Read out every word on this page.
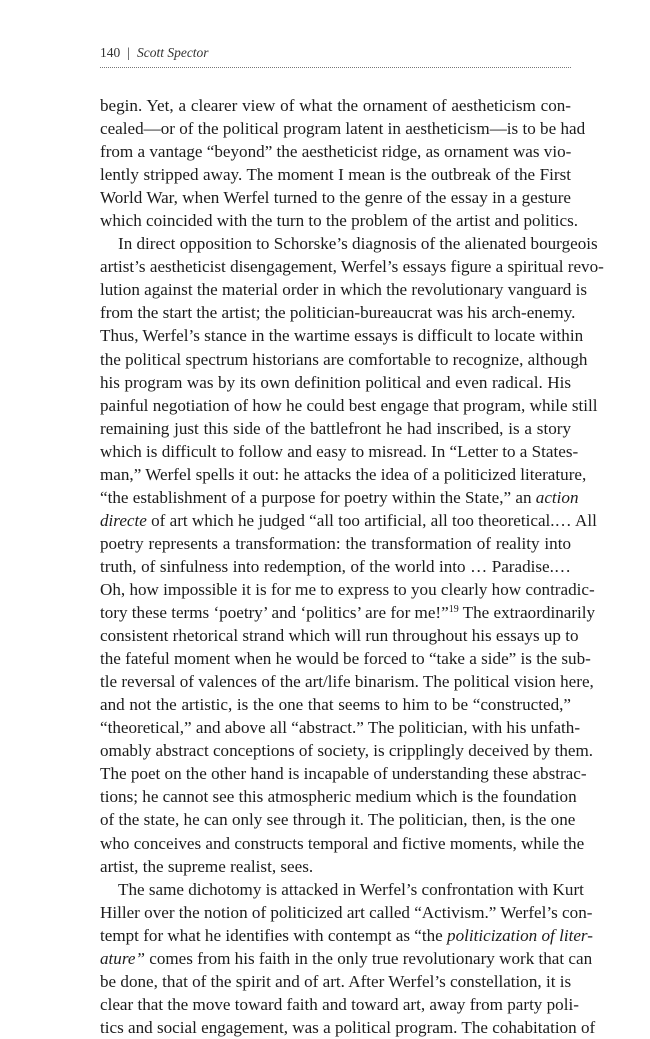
140 | Scott Spector
begin. Yet, a clearer view of what the ornament of aestheticism con-
cealed—or of the political program latent in aestheticism—is to be had
from a vantage “beyond” the aestheticist ridge, as ornament was vio-
lently stripped away. The moment I mean is the outbreak of the First
World War, when Werfel turned to the genre of the essay in a gesture
which coincided with the turn to the problem of the artist and politics.
In direct opposition to Schorske’s diagnosis of the alienated bourgeois
artist’s aestheticist disengagement, Werfel’s essays figure a spiritual revo-
lution against the material order in which the revolutionary vanguard is
from the start the artist; the politician-bureaucrat was his arch-enemy.
Thus, Werfel’s stance in the wartime essays is difficult to locate within
the political spectrum historians are comfortable to recognize, although
his program was by its own definition political and even radical. His
painful negotiation of how he could best engage that program, while still
remaining just this side of the battlefront he had inscribed, is a story
which is difficult to follow and easy to misread. In “Letter to a States-
man,” Werfel spells it out: he attacks the idea of a politicized literature,
“the establishment of a purpose for poetry within the State,” an action
directe of art which he judged “all too artificial, all too theoretical.… All
poetry represents a transformation: the transformation of reality into
truth, of sinfulness into redemption, of the world into … Paradise.…
Oh, how impossible it is for me to express to you clearly how contradic-
tory these terms ‘poetry’ and ‘politics’ are for me!”$^{19}$ The extraordinarily
consistent rhetorical strand which will run throughout his essays up to
the fateful moment when he would be forced to “take a side” is the sub-
tle reversal of valences of the art/life binarism. The political vision here,
and not the artistic, is the one that seems to him to be “constructed,”
“theoretical,” and above all “abstract.” The politician, with his unfath-
omably abstract conceptions of society, is cripplingly deceived by them.
The poet on the other hand is incapable of understanding these abstrac-
tions; he cannot see this atmospheric medium which is the foundation
of the state, he can only see through it. The politician, then, is the one
who conceives and constructs temporal and fictive moments, while the
artist, the supreme realist, sees.
The same dichotomy is attacked in Werfel’s confrontation with Kurt
Hiller over the notion of politicized art called “Activism.” Werfel’s con-
tempt for what he identifies with contempt as “the politicization of liter-
ature” comes from his faith in the only true revolutionary work that can
be done, that of the spirit and of art. After Werfel’s constellation, it is
clear that the move toward faith and toward art, away from party poli-
tics and social engagement, was a political program. The cohabitation of
